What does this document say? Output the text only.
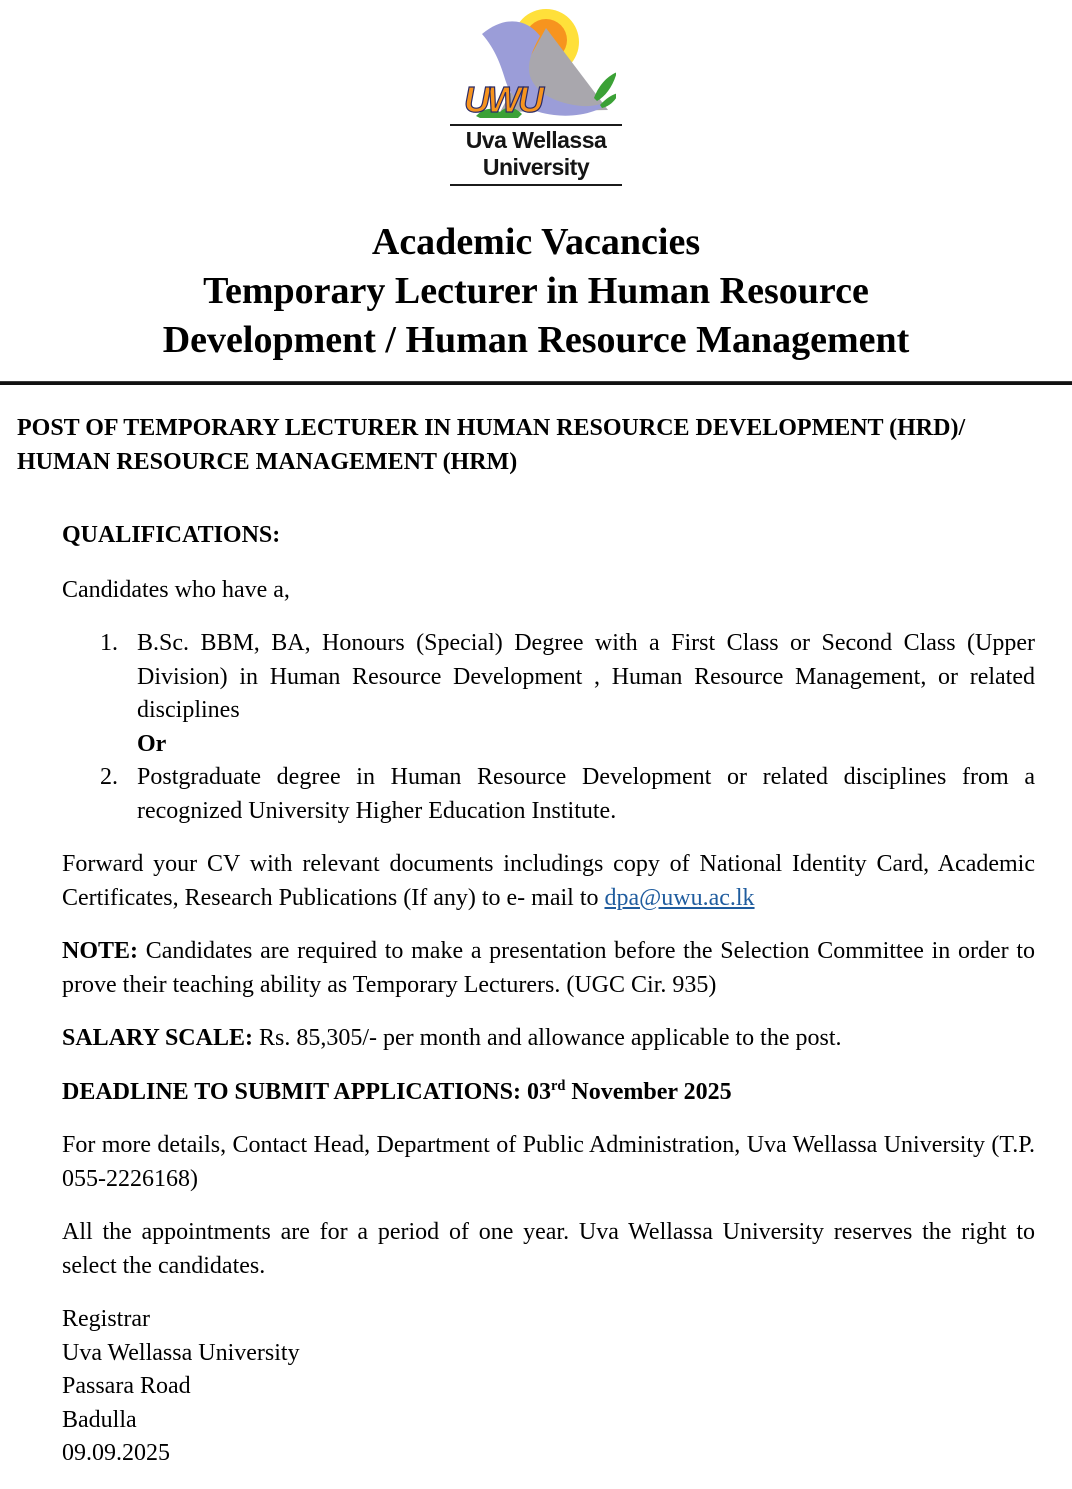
UWU
Uva Wellassa
University
Academic Vacancies
Temporary Lecturer in Human Resource
Development / Human Resource Management
POST OF TEMPORARY LECTURER IN HUMAN RESOURCE DEVELOPMENT (HRD)/
HUMAN RESOURCE MANAGEMENT (HRM)
QUALIFICATIONS:
Candidates who have a,
1. B.Sc. BBM, BA, Honours (Special) Degree with a First Class or Second Class (Upper Division) in Human Resource Development , Human Resource Management, or related disciplines
Or
2. Postgraduate degree in Human Resource Development or related disciplines from a recognized University Higher Education Institute.
Forward your CV with relevant documents includings copy of National Identity Card, Academic Certificates, Research Publications (If any) to e- mail to dpa@uwu.ac.lk
NOTE: Candidates are required to make a presentation before the Selection Committee in order to prove their teaching ability as Temporary Lecturers. (UGC Cir. 935)
SALARY SCALE: Rs. 85,305/- per month and allowance applicable to the post.
DEADLINE TO SUBMIT APPLICATIONS: 03rd November 2025
For more details, Contact Head, Department of Public Administration, Uva Wellassa University (T.P. 055-2226168)
All the appointments are for a period of one year. Uva Wellassa University reserves the right to select the candidates.
Registrar
Uva Wellassa University
Passara Road
Badulla
09.09.2025
